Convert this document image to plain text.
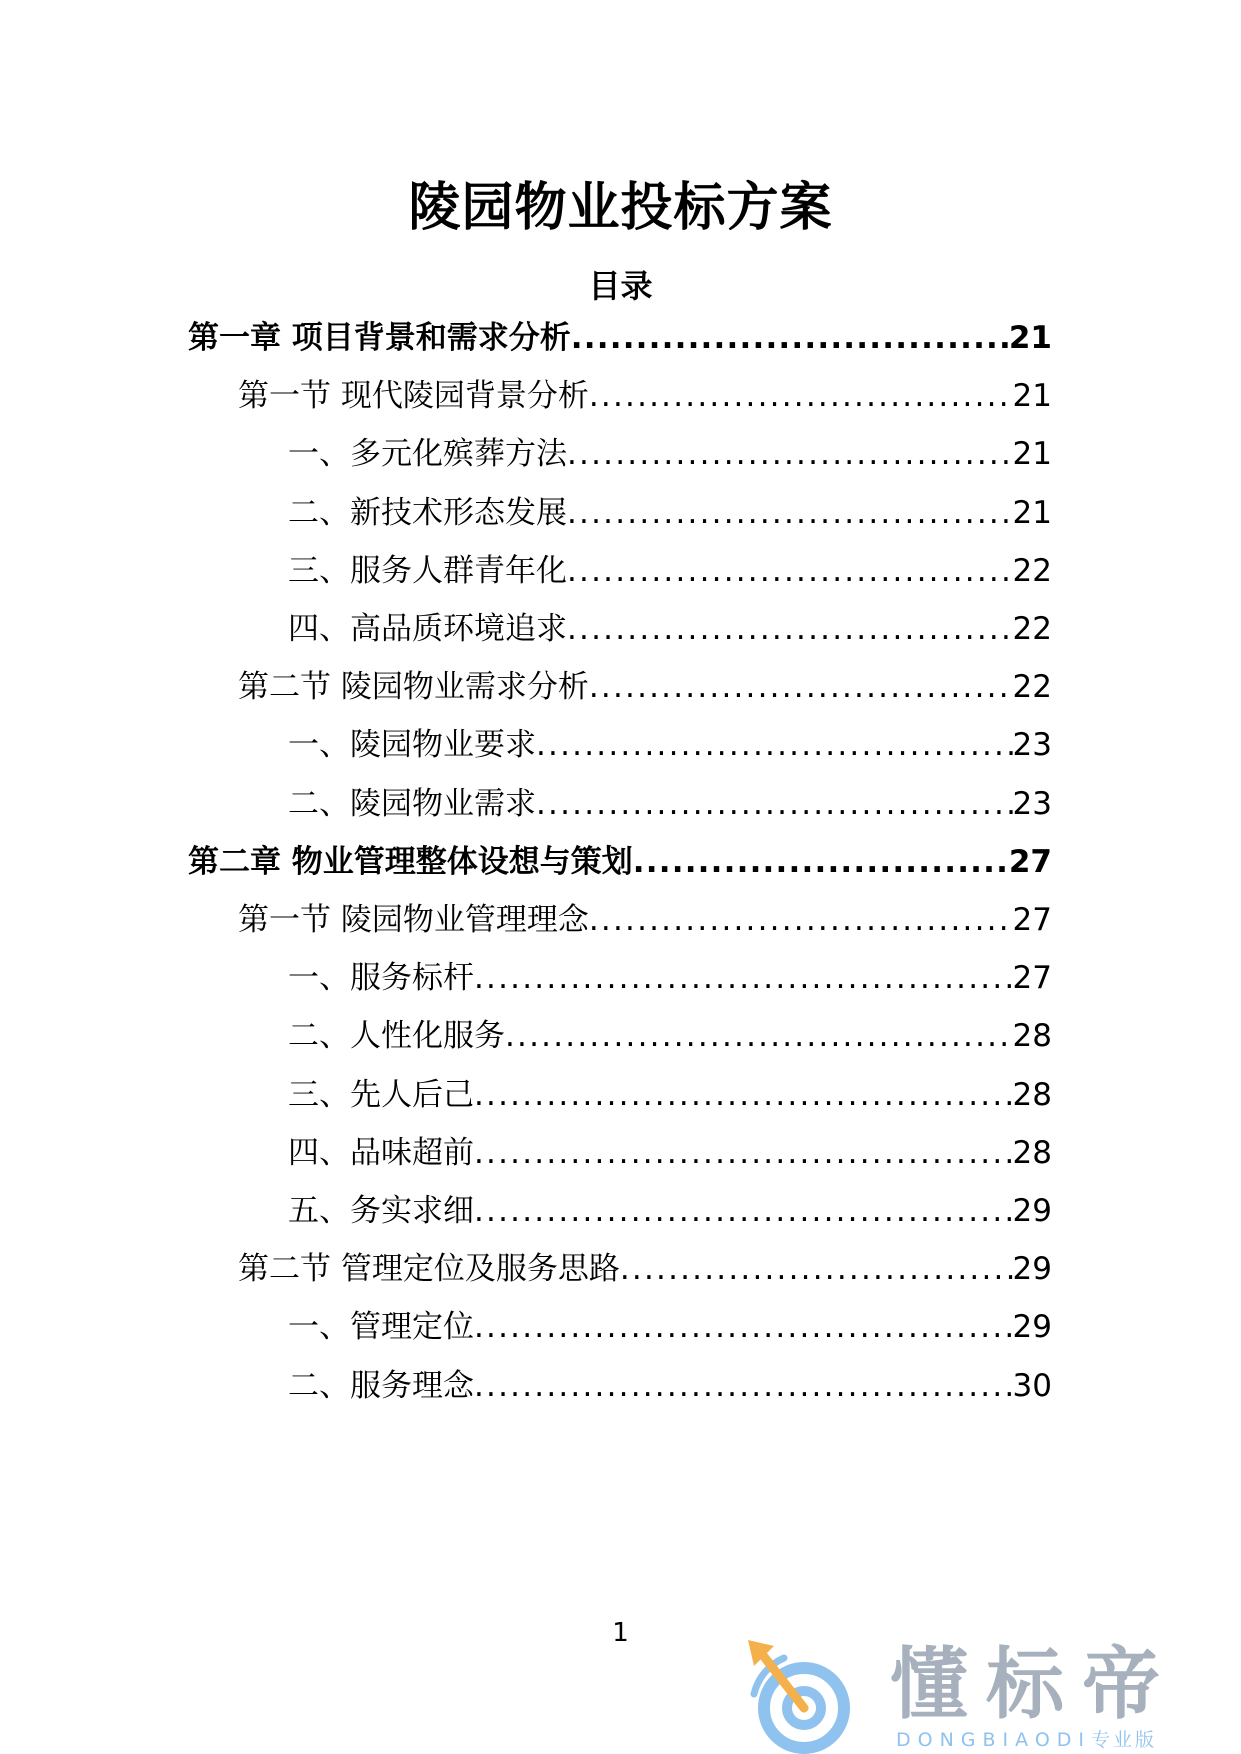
陵园物业投标方案
目录
第一章 项目背景和需求分析 .....	21
第一节 现代陵园背景分析 .....	21
一、多元化殡葬方法 .....	21
二、新技术形态发展 .....	21
三、服务人群青年化 .....	22
四、高品质环境追求 .....	22
第二节 陵园物业需求分析 .....	22
一、陵园物业要求 .....	23
二、陵园物业需求 .....	23
第二章 物业管理整体设想与策划 .....	27
第一节 陵园物业管理理念 .....	27
一、服务标杆 .....	27
二、人性化服务 .....	28
三、先人后己 .....	28
四、品味超前 .....	28
五、务实求细 .....	29
第二节 管理定位及服务思路 .....	29
一、管理定位 .....	29
二、服务理念 .....	30
1
懂标帝
DONGBIAODI专业版
